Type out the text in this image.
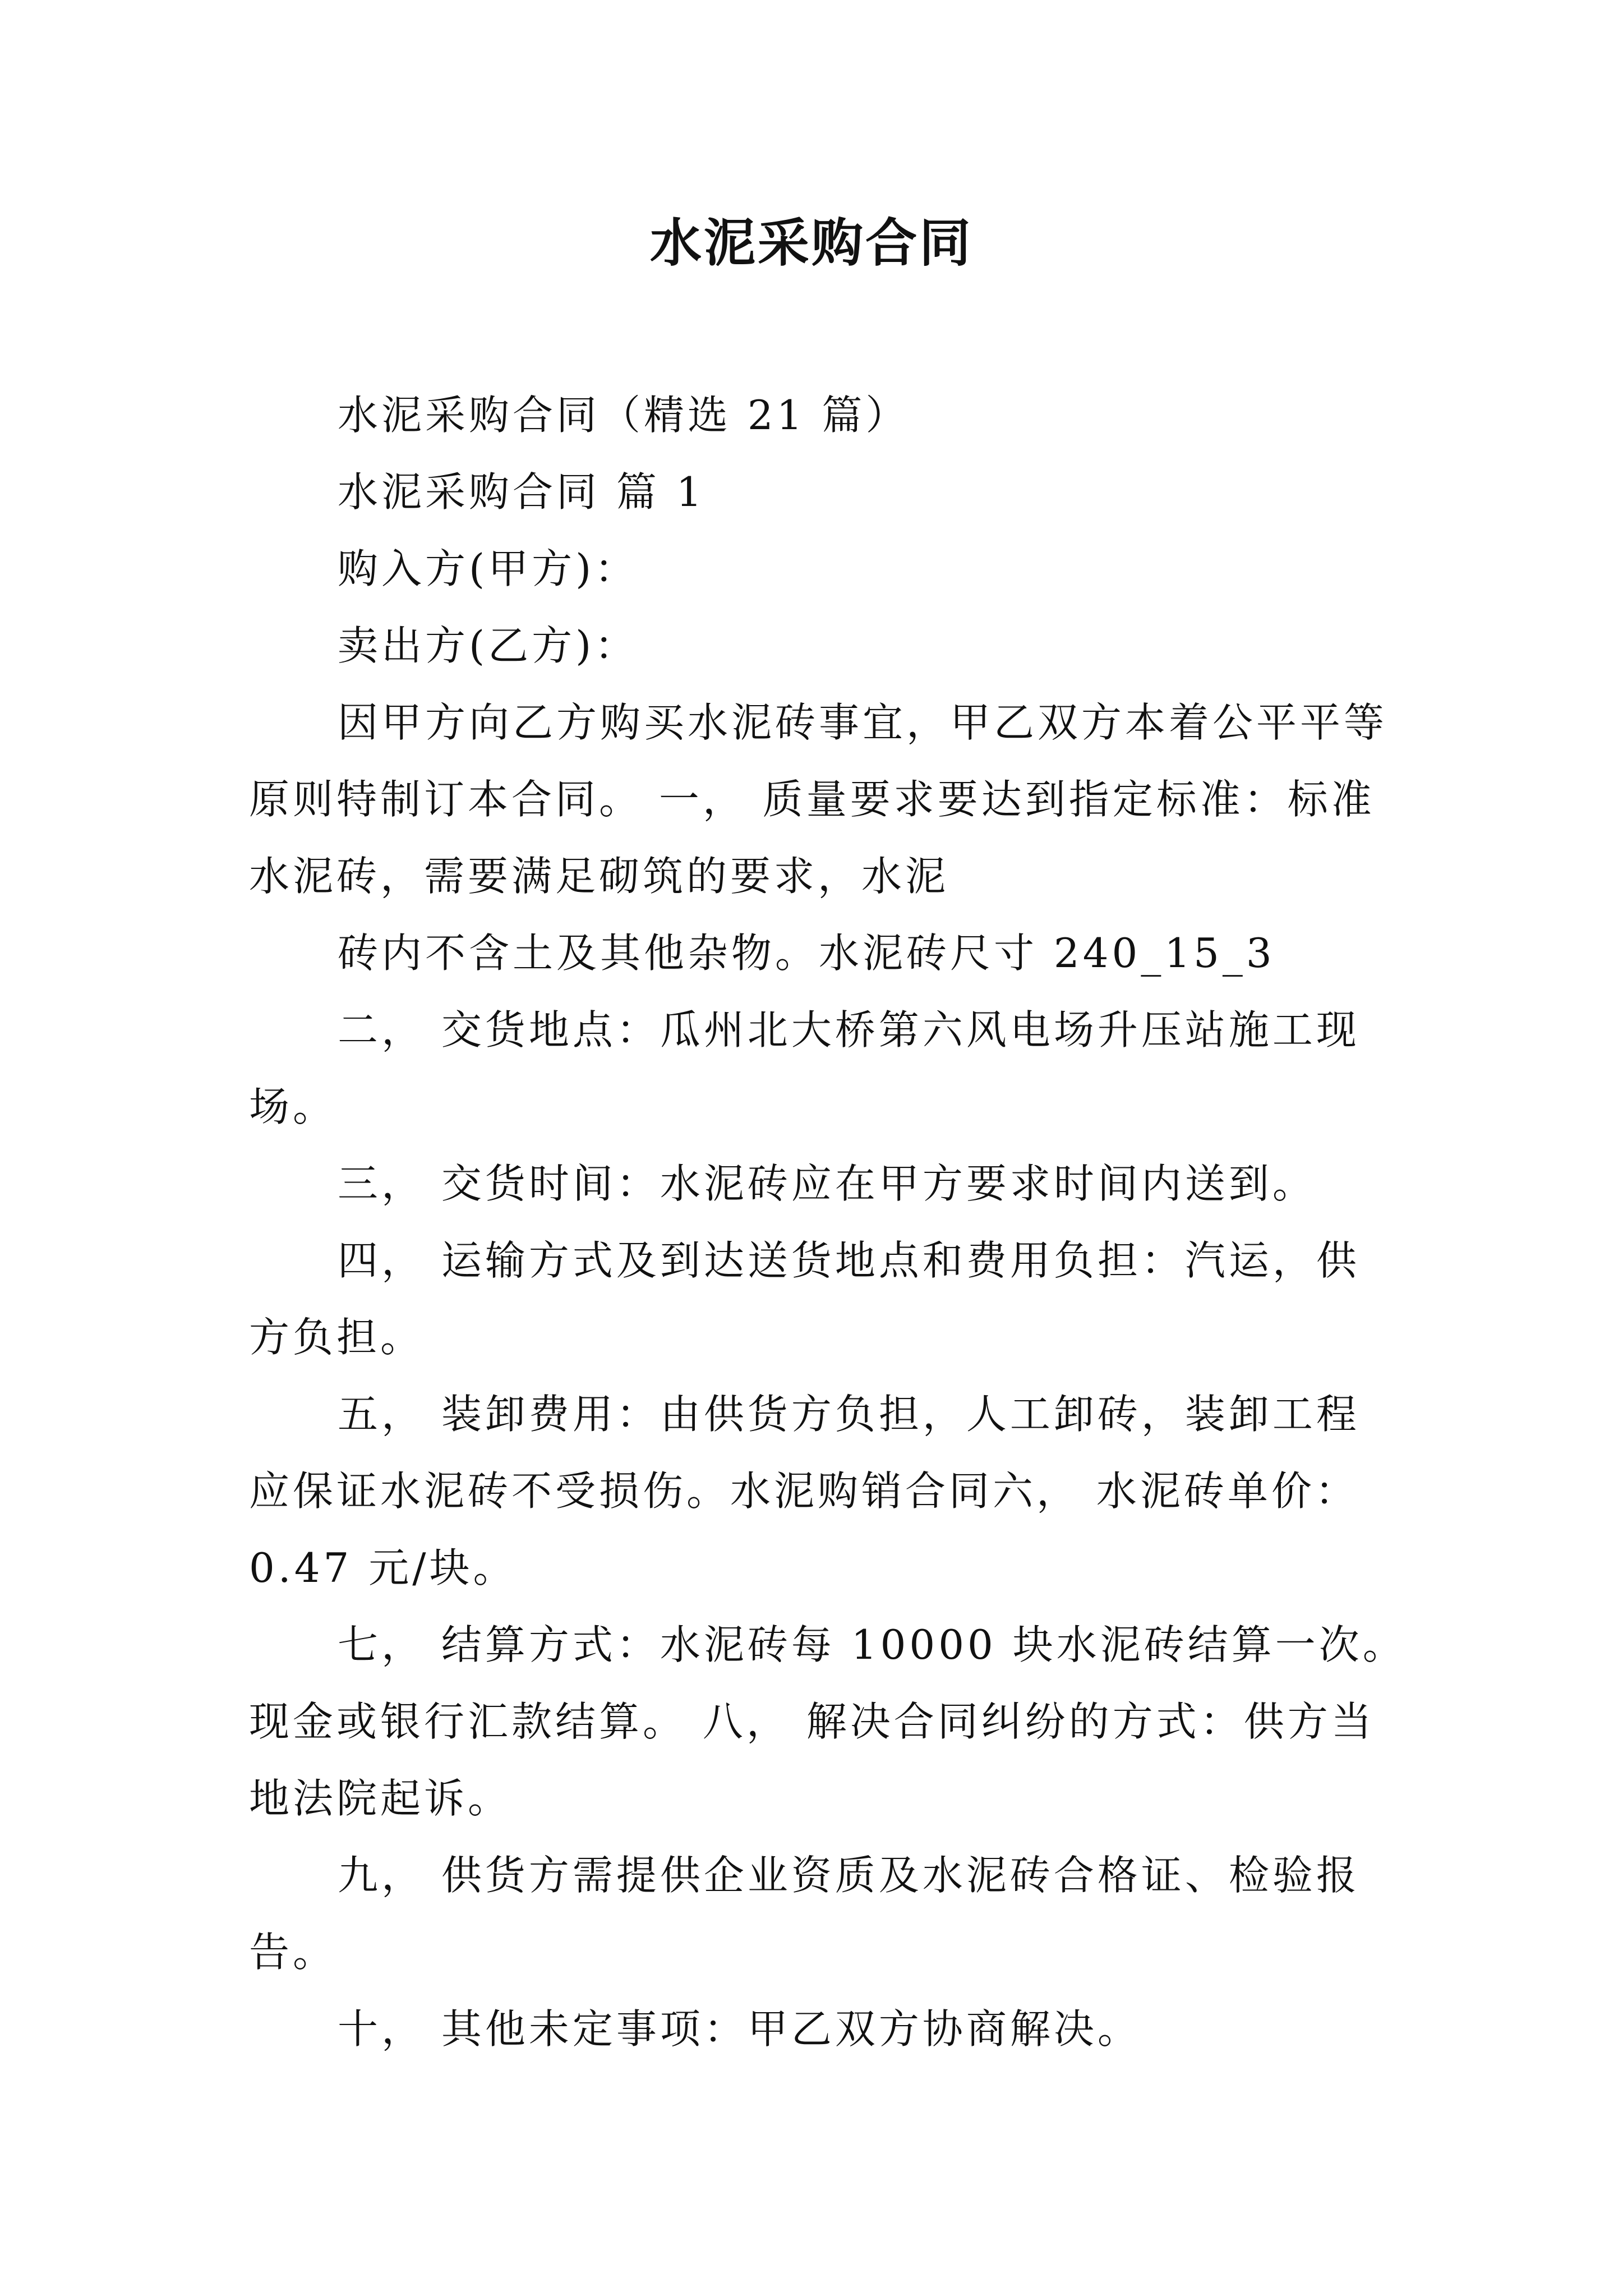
水泥采购合同

水泥采购合同（精选 21 篇）

水泥采购合同 篇 1

购入方(甲方)：

卖出方(乙方)：

因甲方向乙方购买水泥砖事宜，甲乙双方本着公平平等

原则特制订本合同。 一， 质量要求要达到指定标准：标准

水泥砖，需要满足砌筑的要求，水泥

砖内不含土及其他杂物。水泥砖尺寸 240_15_3

二， 交货地点：瓜州北大桥第六风电场升压站施工现

场。

三， 交货时间：水泥砖应在甲方要求时间内送到。

四， 运输方式及到达送货地点和费用负担：汽运，供

方负担。

五， 装卸费用：由供货方负担，人工卸砖，装卸工程

应保证水泥砖不受损伤。水泥购销合同六， 水泥砖单价：

0.47 元/块。

七， 结算方式：水泥砖每 10000 块水泥砖结算一次。

现金或银行汇款结算。 八， 解决合同纠纷的方式：供方当

地法院起诉。

九， 供货方需提供企业资质及水泥砖合格证、检验报

告。

十， 其他未定事项：甲乙双方协商解决。
